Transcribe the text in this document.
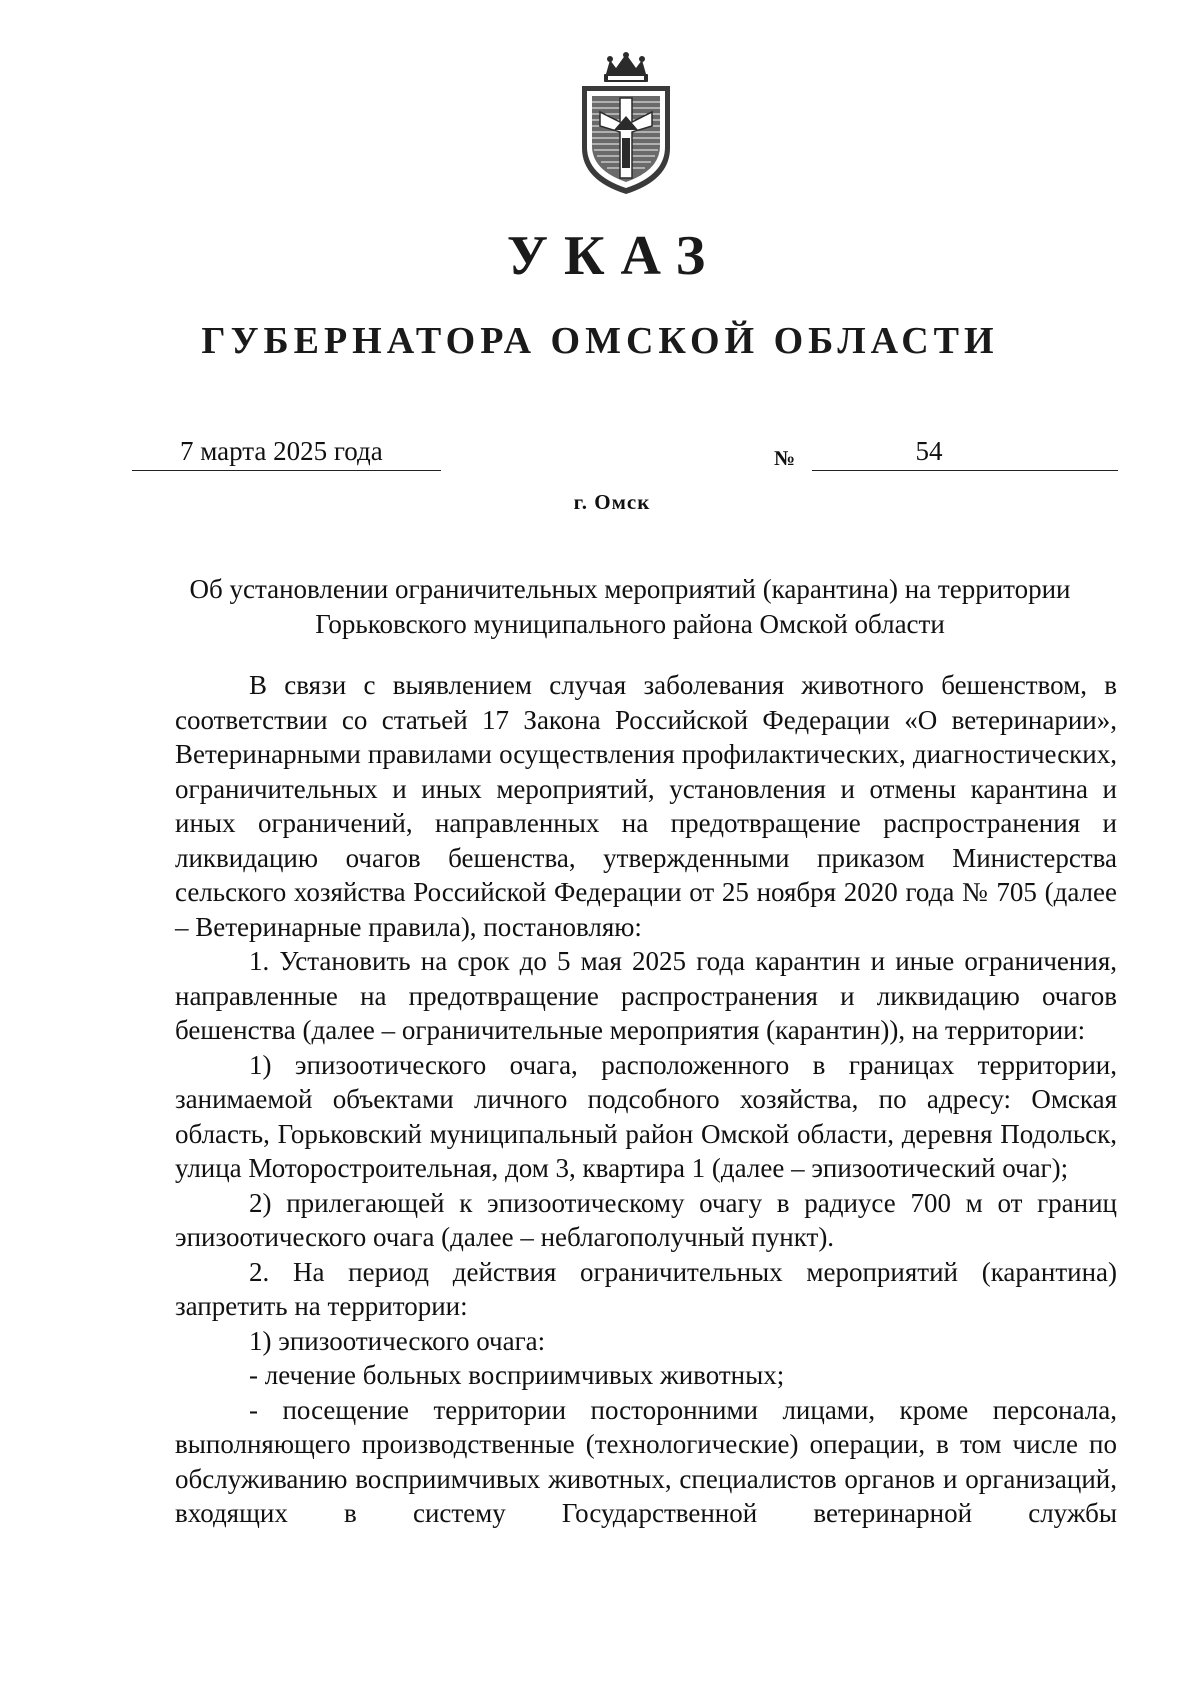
УКАЗ
ГУБЕРНАТОРА ОМСКОЙ ОБЛАСТИ
7 марта 2025 года	№	54
г. Омск
Об установлении ограничительных мероприятий (карантина) на территории
Горьковского муниципального района Омской области

В связи с выявлением случая заболевания животного бешенством, в соответствии со статьей 17 Закона Российской Федерации «О ветеринарии», Ветеринарными правилами осуществления профилактических, диагностических, ограничительных и иных мероприятий, установления и отмены карантина и иных ограничений, направленных на предотвращение распространения и ликвидацию очагов бешенства, утвержденными приказом Министерства сельского хозяйства Российской Федерации от 25 ноября 2020 года № 705 (далее – Ветеринарные правила), постановляю:

1. Установить на срок до 5 мая 2025 года карантин и иные ограничения, направленные на предотвращение распространения и ликвидацию очагов бешенства (далее – ограничительные мероприятия (карантин)), на территории:

1) эпизоотического очага, расположенного в границах территории, занимаемой объектами личного подсобного хозяйства, по адресу: Омская область, Горьковский муниципальный район Омской области, деревня Подольск, улица Моторостроительная, дом 3, квартира 1 (далее – эпизоотический очаг);

2) прилегающей к эпизоотическому очагу в радиусе 700 м от границ эпизоотического очага (далее – неблагополучный пункт).

2. На период действия ограничительных мероприятий (карантина) запретить на территории:

1) эпизоотического очага:

- лечение больных восприимчивых животных;

- посещение территории посторонними лицами, кроме персонала, выполняющего производственные (технологические) операции, в том числе по обслуживанию восприимчивых животных, специалистов органов и организаций, входящих в систему Государственной ветеринарной службы
